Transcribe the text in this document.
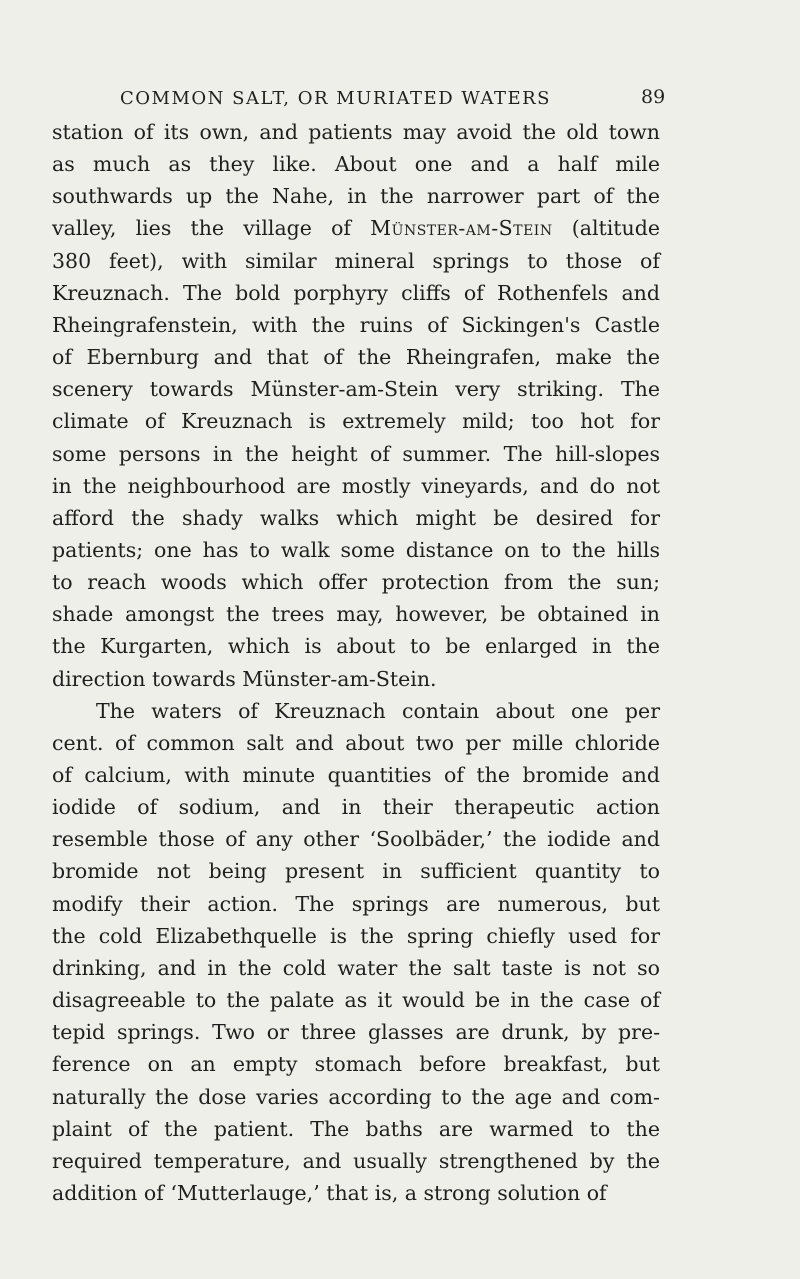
COMMON SALT, OR MURIATED WATERS	89
station of its own, and patients may avoid the old town
as much as they like. About one and a half mile
southwards up the Nahe, in the narrower part of the
valley, lies the village of Münster-am-Stein (altitude
380 feet), with similar mineral springs to those of
Kreuznach. The bold porphyry cliffs of Rothenfels and
Rheingrafenstein, with the ruins of Sickingen's Castle
of Ebernburg and that of the Rheingrafen, make the
scenery towards Münster-am-Stein very striking. The
climate of Kreuznach is extremely mild; too hot for
some persons in the height of summer. The hill-slopes
in the neighbourhood are mostly vineyards, and do not
afford the shady walks which might be desired for
patients; one has to walk some distance on to the hills
to reach woods which offer protection from the sun;
shade amongst the trees may, however, be obtained in
the Kurgarten, which is about to be enlarged in the
direction towards Münster-am-Stein.
The waters of Kreuznach contain about one per
cent. of common salt and about two per mille chloride
of calcium, with minute quantities of the bromide and
iodide of sodium, and in their therapeutic action
resemble those of any other ‘Soolbäder,’ the iodide and
bromide not being present in sufficient quantity to
modify their action. The springs are numerous, but
the cold Elizabethquelle is the spring chiefly used for
drinking, and in the cold water the salt taste is not so
disagreeable to the palate as it would be in the case of
tepid springs. Two or three glasses are drunk, by pre-
ference on an empty stomach before breakfast, but
naturally the dose varies according to the age and com-
plaint of the patient. The baths are warmed to the
required temperature, and usually strengthened by the
addition of ‘Mutterlauge,’ that is, a strong solution of
